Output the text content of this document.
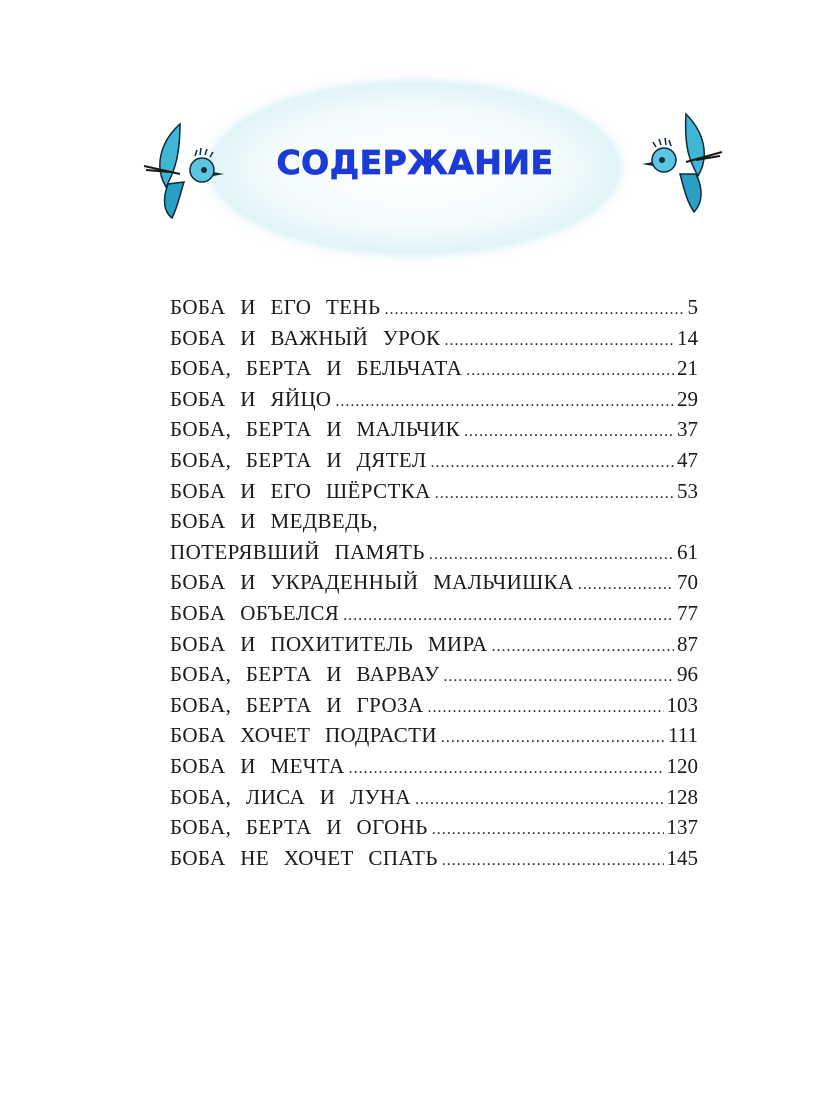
СОДЕРЖАНИЕ
БОБА И ЕГО ТЕНЬ .....	5
БОБА И ВАЖНЫЙ УРОК .....	14
БОБА, БЕРТА И БЕЛЬЧАТА .....	21
БОБА И ЯЙЦО .....	29
БОБА, БЕРТА И МАЛЬЧИК .....	37
БОБА, БЕРТА И ДЯТЕЛ .....	47
БОБА И ЕГО ШЁРСТКА .....	53
БОБА И МЕДВЕДЬ,
ПОТЕРЯВШИЙ ПАМЯТЬ .....	61
БОБА И УКРАДЕННЫЙ МАЛЬЧИШКА .....	70
БОБА ОБЪЕЛСЯ .....	77
БОБА И ПОХИТИТЕЛЬ МИРА .....	87
БОБА, БЕРТА И ВАРВАУ .....	96
БОБА, БЕРТА И ГРОЗА .....	103
БОБА ХОЧЕТ ПОДРАСТИ .....	111
БОБА И МЕЧТА .....	120
БОБА, ЛИСА И ЛУНА .....	128
БОБА, БЕРТА И ОГОНЬ .....	137
БОБА НЕ ХОЧЕТ СПАТЬ .....	145
